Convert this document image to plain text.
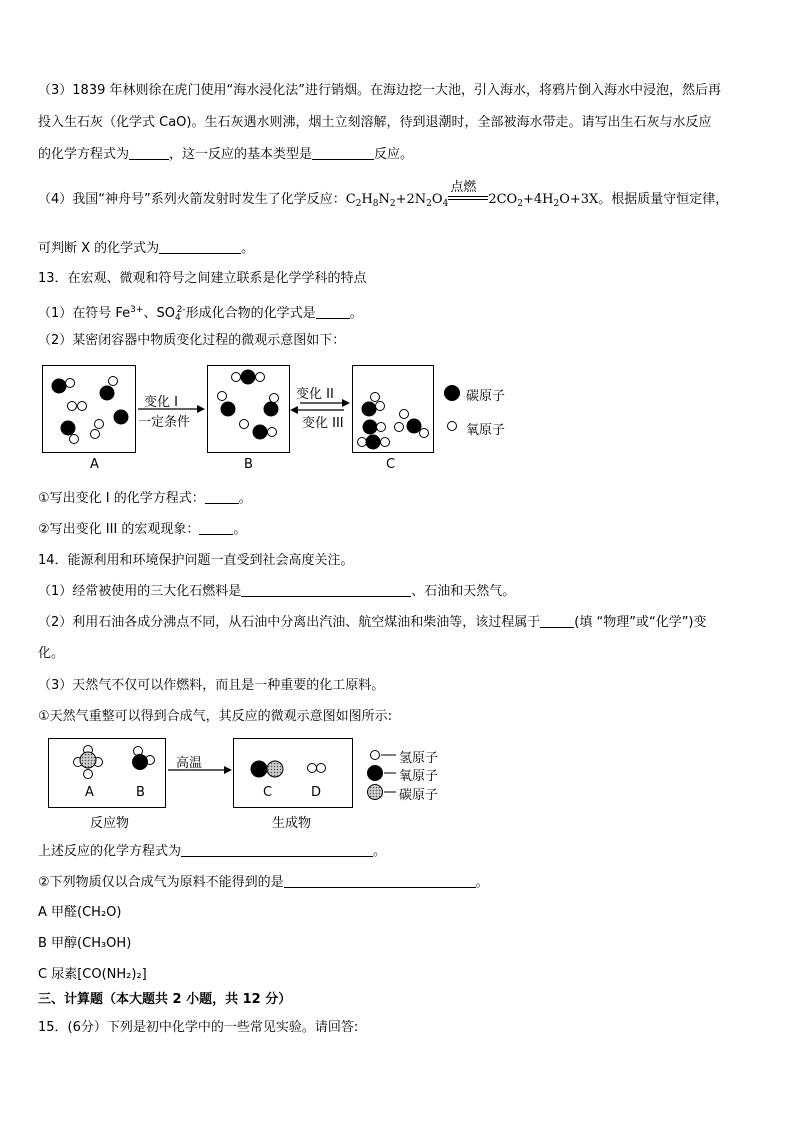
（3）1839 年林则徐在虎门使用“海水浸化法”进行销烟。在海边挖一大池，引入海水，将鸦片倒入海水中浸泡，然后再
投入生石灰（化学式 CaO)。生石灰遇水则沸，烟土立刻溶解，待到退潮时，全部被海水带走。请写出生石灰与水反应
的化学方程式为	，这一反应的基本类型是	反应。
（4）我国“神舟号”系列火箭发射时发生了化学反应：$C_2H_8N_2+2N_2O_4$
点燃
$2CO_2+4H_2O+3X$。根据质量守恒定律，
可判断 X 的化学式为	。
13．在宏观、微观和符号之间建立联系是化学学科的特点
（1）在符号 $Fe^{3+}$、$SO_4^{2-}$形成化合物的化学式是	。
（2）某密闭容器中物质变化过程的微观示意图如下：
变化 I
一定条件
变化 II
变化 III
A	B	C
碳原子
氧原子
①写出变化 I 的化学方程式：	。
②写出变化 III 的宏观现象：	。
14．能源利用和环境保护问题一直受到社会高度关注。
（1）经常被使用的三大化石燃料是	、石油和天然气。
（2）利用石油各成分沸点不同，从石油中分离出汽油、航空煤油和柴油等，该过程属于	(填 “物理”或“化学”)变
化。
（3）天然气不仅可以作燃料，而且是一种重要的化工原料。
①天然气重整可以得到合成气，其反应的微观示意图如图所示:
高温
A	B	C	D
反应物	生成物
氢原子
氧原子
碳原子
上述反应的化学方程式为	。
②下列物质仅以合成气为原料不能得到的是	。
A 甲醛(CH₂O)
B 甲醇(CH₃OH)
C 尿素[CO(NH₂)₂]
三、计算题（本大题共 2 小题，共 12 分）
15．(6分）下列是初中化学中的一些常见实验。请回答:
